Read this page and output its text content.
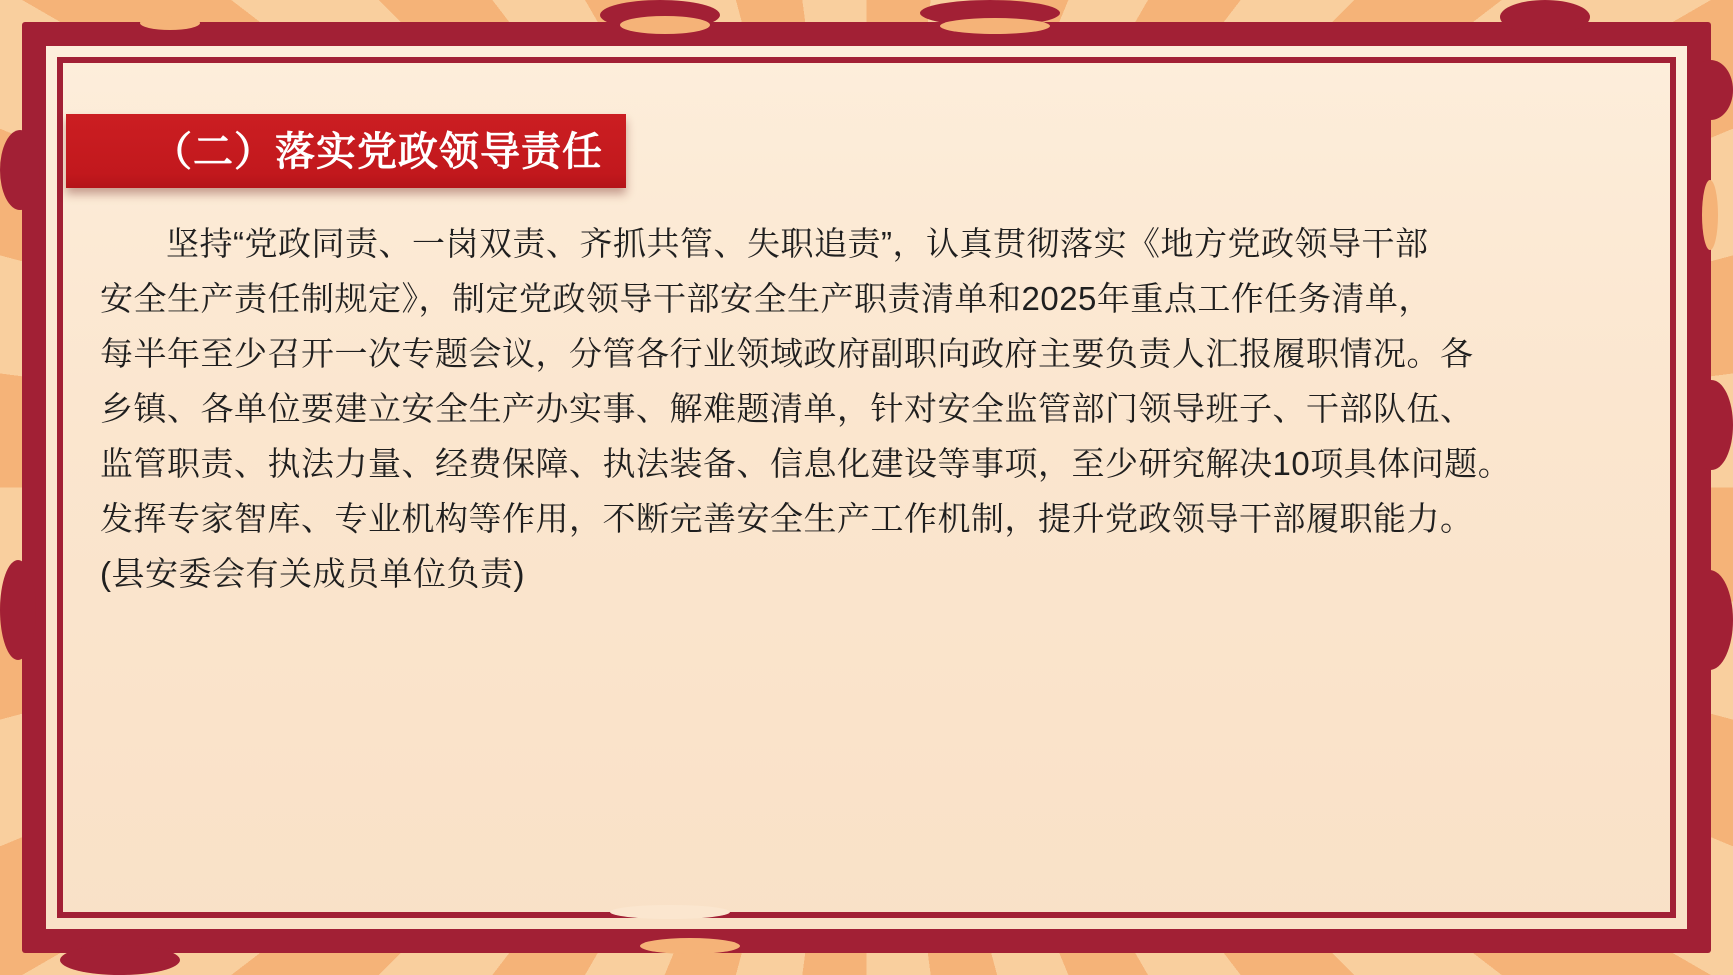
（二）落实党政领导责任
坚持“党政同责、一岗双责、齐抓共管、失职追责”，认真贯彻落实《地方党政领导干部
安全生产责任制规定》，制定党政领导干部安全生产职责清单和2025年重点工作任务清单，
每半年至少召开一次专题会议，分管各行业领域政府副职向政府主要负责人汇报履职情况。各
乡镇、各单位要建立安全生产办实事、解难题清单，针对安全监管部门领导班子、干部队伍、
监管职责、执法力量、经费保障、执法装备、信息化建设等事项，至少研究解决10项具体问题。
发挥专家智库、专业机构等作用，不断完善安全生产工作机制，提升党政领导干部履职能力。
(县安委会有关成员单位负责)
